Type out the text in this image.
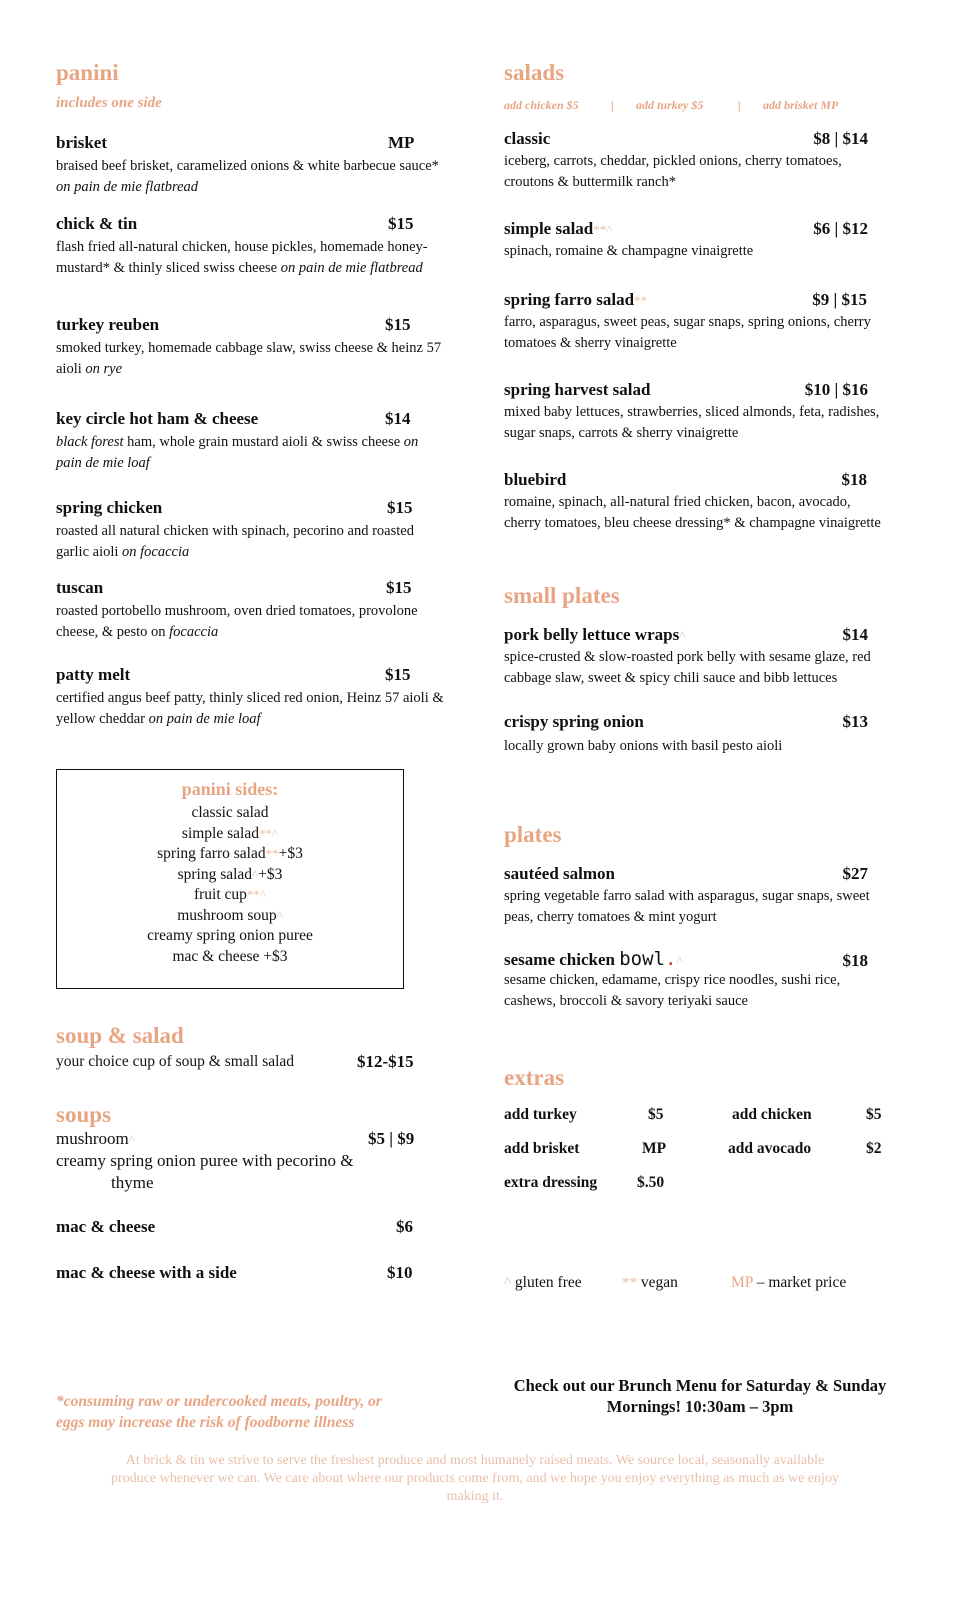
panini
includes one side
brisket	MP
braised beef brisket, caramelized onions & white barbecue sauce* on pain de mie flatbread
chick & tin	$15
flash fried all-natural chicken, house pickles, homemade honey-mustard* & thinly sliced swiss cheese on pain de mie flatbread
turkey reuben	$15
smoked turkey, homemade cabbage slaw, swiss cheese & heinz 57 aioli on rye
key circle hot ham & cheese	$14
black forest ham, whole grain mustard aioli & swiss cheese on pain de mie loaf
spring chicken	$15
roasted all natural chicken with spinach, pecorino and roasted garlic aioli on focaccia
tuscan	$15
roasted portobello mushroom, oven dried tomatoes, provolone cheese, & pesto on focaccia
patty melt	$15
certified angus beef patty, thinly sliced red onion, Heinz 57 aioli & yellow cheddar on pain de mie loaf
panini sides:
classic salad
simple salad**^
spring farro salad**+$3
spring salad^+$3
fruit cup**^
mushroom soup^
creamy spring onion puree
mac & cheese +$3
soup & salad
your choice cup of soup & small salad	$12-$15
soups
mushroom^	$5 | $9
creamy spring onion puree with pecorino &
thyme
mac & cheese	$6
mac & cheese with a side	$10
salads
add chicken $5	| add turkey $5	| add brisket MP
classic	$8 | $14
iceberg, carrots, cheddar, pickled onions, cherry tomatoes, croutons & buttermilk ranch*
simple salad**^	$6 | $12
spinach, romaine & champagne vinaigrette
spring farro salad**	$9 | $15
farro, asparagus, sweet peas, sugar snaps, spring onions, cherry tomatoes & sherry vinaigrette
spring harvest salad	$10 | $16
mixed baby lettuces, strawberries, sliced almonds, feta, radishes, sugar snaps, carrots & sherry vinaigrette
bluebird	$18
romaine, spinach, all-natural fried chicken, bacon, avocado, cherry tomatoes, bleu cheese dressing* & champagne vinaigrette
small plates
pork belly lettuce wraps^	$14
spice-crusted & slow-roasted pork belly with sesame glaze, red cabbage slaw, sweet & spicy chili sauce and bibb lettuces
crispy spring onion	$13
locally grown baby onions with basil pesto aioli
plates
sautéed salmon	$27
spring vegetable farro salad with asparagus, sugar snaps, sweet peas, cherry tomatoes & mint yogurt
sesame chicken bowl.^	$18
sesame chicken, edamame, crispy rice noodles, sushi rice, cashews, broccoli & savory teriyaki sauce
extras
add turkey	$5	add chicken	$5
add brisket	MP	add avocado	$2
extra dressing	$.50
^ gluten free	** vegan	MP – market price
*consuming raw or undercooked meats, poultry, or
eggs may increase the risk of foodborne illness
Check out our Brunch Menu for Saturday & Sunday
Mornings! 10:30am – 3pm
At brick & tin we strive to serve the freshest produce and most humanely raised meats. We source local, seasonally available
produce whenever we can. We care about where our products come from, and we hope you enjoy everything as much as we enjoy
making it.
